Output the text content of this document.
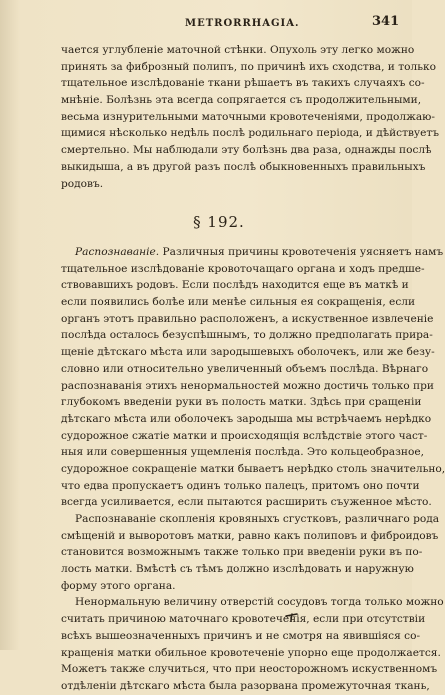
METRORRHAGIA.	341
чается углубленіе маточной стѣнки. Опухоль эту легко можно
принять за фиброзный полипъ, по причинѣ ихъ сходства, и только
тщательное изслѣдованіе ткани рѣшаетъ въ такихъ случаяхъ со-
мнѣніе. Болѣзнь эта всегда сопрягается съ продолжительными,
весьма изнурительными маточными кровотеченіями, продолжаю-
щимися нѣсколько недѣль послѣ родильнаго періода, и дѣйствуетъ
смертельно. Мы наблюдали эту болѣзнь два раза, однажды послѣ
выкидыша, а въ другой разъ послѣ обыкновенныхъ правильныхъ
родовъ.
§ 192.
Распознаваніе. Различныя причины кровотеченія уясняетъ намъ
тщательное изслѣдованіе кровоточащаго органа и ходъ предше-
ствовавшихъ родовъ. Если послѣдъ находится еще въ маткѣ и
если появились болѣе или менѣе сильныя ея сокращенія, если
органъ этотъ правильно расположенъ, а искуственное извлеченіе
послѣда осталось безуспѣшнымъ, то должно предполагать прира-
щеніе дѣтскаго мѣста или зародышевыхъ оболочекъ, или же безу-
словно или относительно увеличенный объемъ послѣда. Вѣрнаго
распознаванія этихъ ненормальностей можно достичь только при
глубокомъ введеніи руки въ полость матки. Здѣсь при сращеніи
дѣтскаго мѣста или оболочекъ зародыша мы встрѣчаемъ нерѣдко
судорожное сжатіе матки и происходящія вслѣдствіе этого част-
ныя или совершенныя ущемленія послѣда. Это кольцеобразное,
судорожное сокращеніе матки бываетъ нерѣдко столь значительно,
что едва пропускаетъ одинъ только палецъ, притомъ оно почти
всегда усиливается, если пытаются расширить съуженное мѣсто.
Распознаваніе скопленія кровяныхъ сгустковъ, различнаго рода
смѣщеній и выворотовъ матки, равно какъ полиповъ и фиброидовъ
становится возможнымъ также только при введеніи руки въ по-
лость матки. Вмѣстѣ съ тѣмъ должно изслѣдовать и наружную
форму этого органа.
Ненормальную величину отверстій сосудовъ тогда только можно
считать причиною маточнаго кровотеченія, если при отсутствіи
всѣхъ вышеозначенныхъ причинъ и не смотря на явившіяся со-
кращенія матки обильное кровотеченіе упорно еще продолжается.
Можетъ также случиться, что при неосторожномъ искуственномъ
отдѣленіи дѣтскаго мѣста была разорвана промежуточная ткань,
